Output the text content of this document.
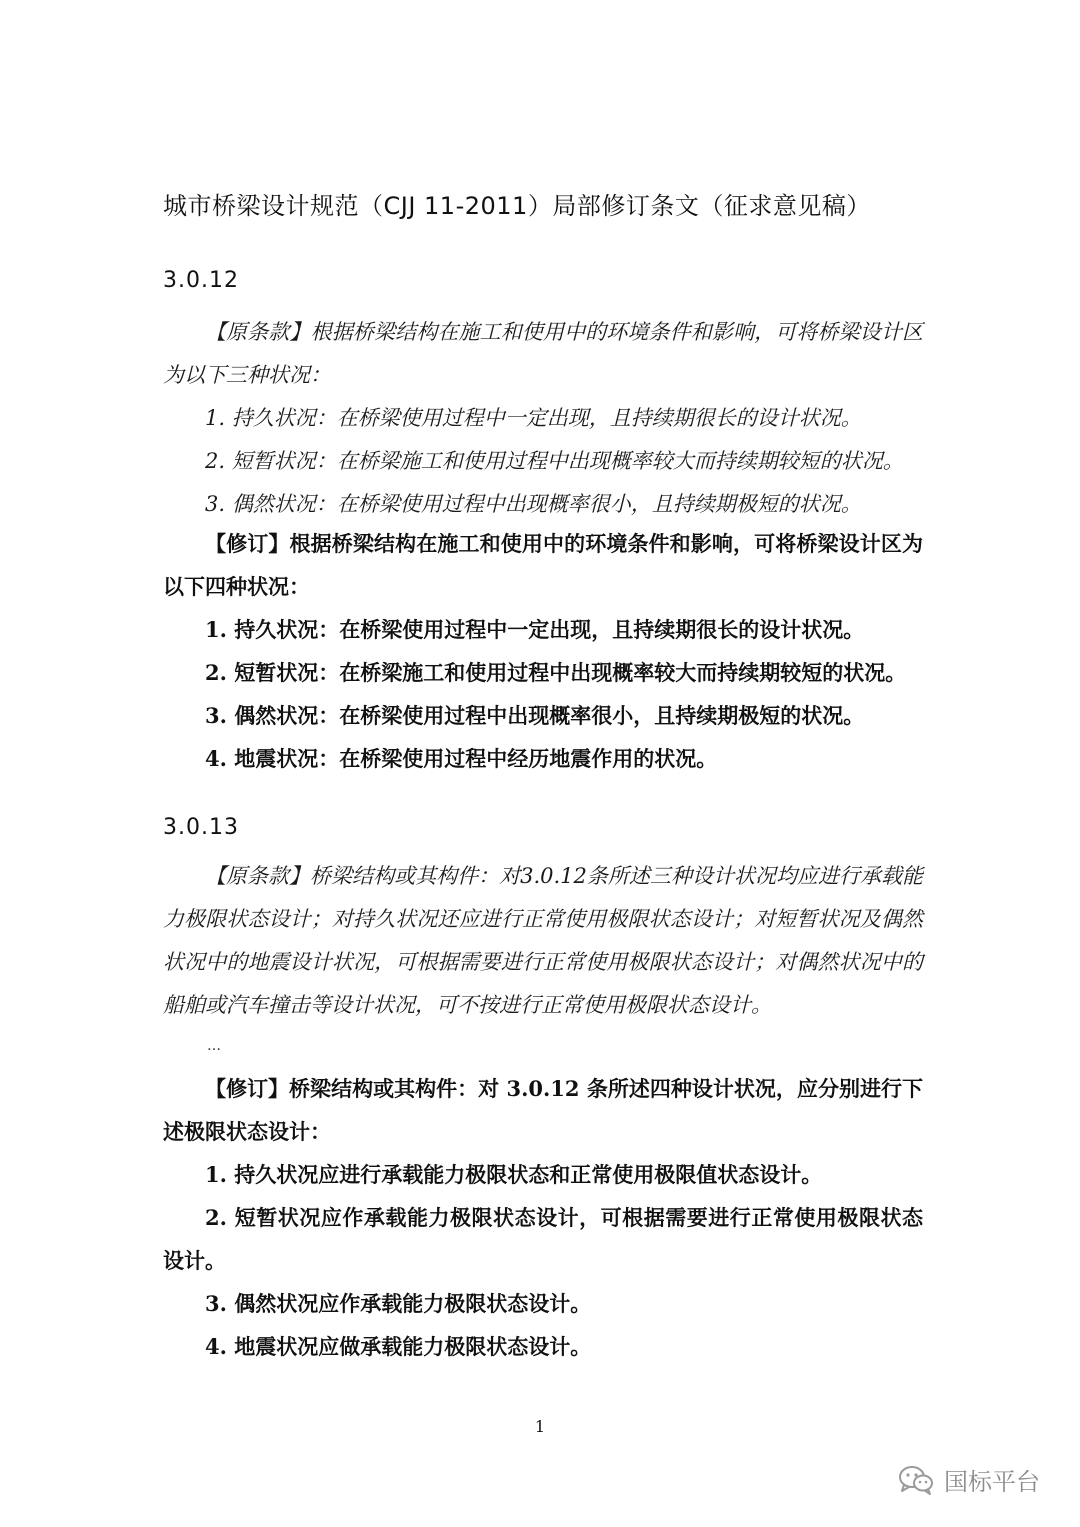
城市桥梁设计规范（CJJ 11-2011）局部修订条文（征求意见稿）
3.0.12

【原条款】根据桥梁结构在施工和使用中的环境条件和影响，可将桥梁设计区为以下三种状况：

1. 持久状况：在桥梁使用过程中一定出现，且持续期很长的设计状况。

2. 短暂状况：在桥梁施工和使用过程中出现概率较大而持续期较短的状况。

3. 偶然状况：在桥梁使用过程中出现概率很小，且持续期极短的状况。

【修订】根据桥梁结构在施工和使用中的环境条件和影响，可将桥梁设计区为以下四种状况：

1. 持久状况：在桥梁使用过程中一定出现，且持续期很长的设计状况。

2. 短暂状况：在桥梁施工和使用过程中出现概率较大而持续期较短的状况。

3. 偶然状况：在桥梁使用过程中出现概率很小，且持续期极短的状况。

4. 地震状况：在桥梁使用过程中经历地震作用的状况。

3.0.13

【原条款】桥梁结构或其构件：对3.0.12条所述三种设计状况均应进行承载能力极限状态设计；对持久状况还应进行正常使用极限状态设计；对短暂状况及偶然状况中的地震设计状况，可根据需要进行正常使用极限状态设计；对偶然状况中的船舶或汽车撞击等设计状况，可不按进行正常使用极限状态设计。

…

【修订】桥梁结构或其构件：对 3.0.12 条所述四种设计状况，应分别进行下述极限状态设计：

1. 持久状况应进行承载能力极限状态和正常使用极限值状态设计。

2. 短暂状况应作承载能力极限状态设计，可根据需要进行正常使用极限状态设计。

3. 偶然状况应作承载能力极限状态设计。

4. 地震状况应做承载能力极限状态设计。

1
国标平台
